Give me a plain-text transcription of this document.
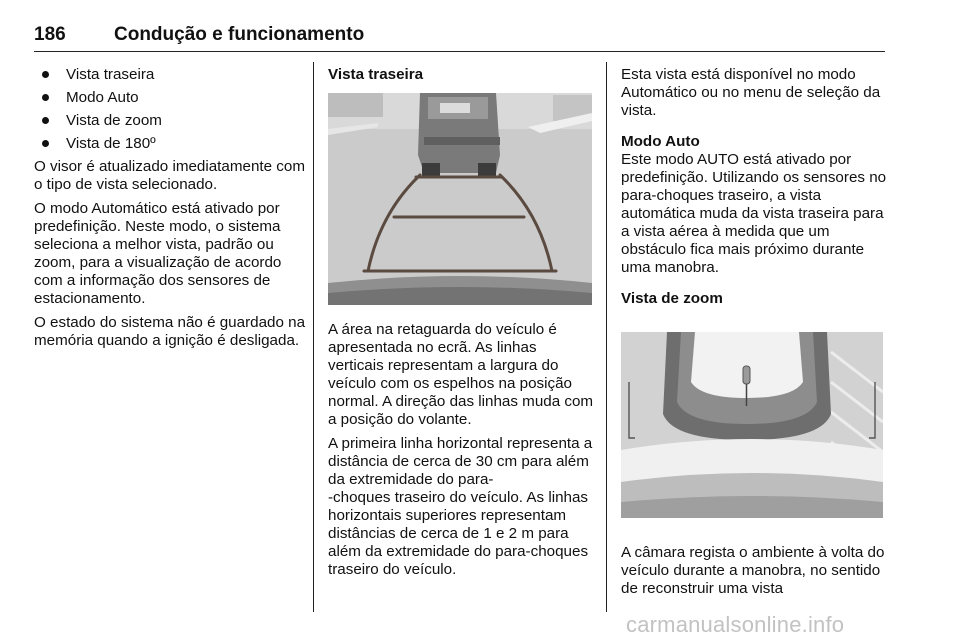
186	Condução e funcionamento
Vista traseira
Modo Auto
Vista de zoom
Vista de 180º

O visor é atualizado imediatamente com o tipo de vista selecionado.

O modo Automático está ativado por predefinição. Neste modo, o sistema seleciona a melhor vista, padrão ou zoom, para a visualização de acordo com a informação dos sensores de estacionamento.

O estado do sistema não é guardado na memória quando a ignição é desligada.

Vista traseira

A área na retaguarda do veículo é apresentada no ecrã. As linhas verticais representam a largura do veículo com os espelhos na posição normal. A direção das linhas muda com a posição do volante.

A primeira linha horizontal representa a distância de cerca de 30 cm para além da extremidade do para-
-choques traseiro do veículo. As linhas horizontais superiores representam distâncias de cerca de 1 e 2 m para além da extremidade do para-choques traseiro do veículo.

Esta vista está disponível no modo Automático ou no menu de seleção da vista.

Modo Auto

Este modo AUTO está ativado por predefinição. Utilizando os sensores no para-choques traseiro, a vista automática muda da vista traseira para a vista aérea à medida que um obstáculo fica mais próximo durante uma manobra.

Vista de zoom

A câmara regista o ambiente à volta do veículo durante a manobra, no sentido de reconstruir uma vista

carmanualsonline.info
